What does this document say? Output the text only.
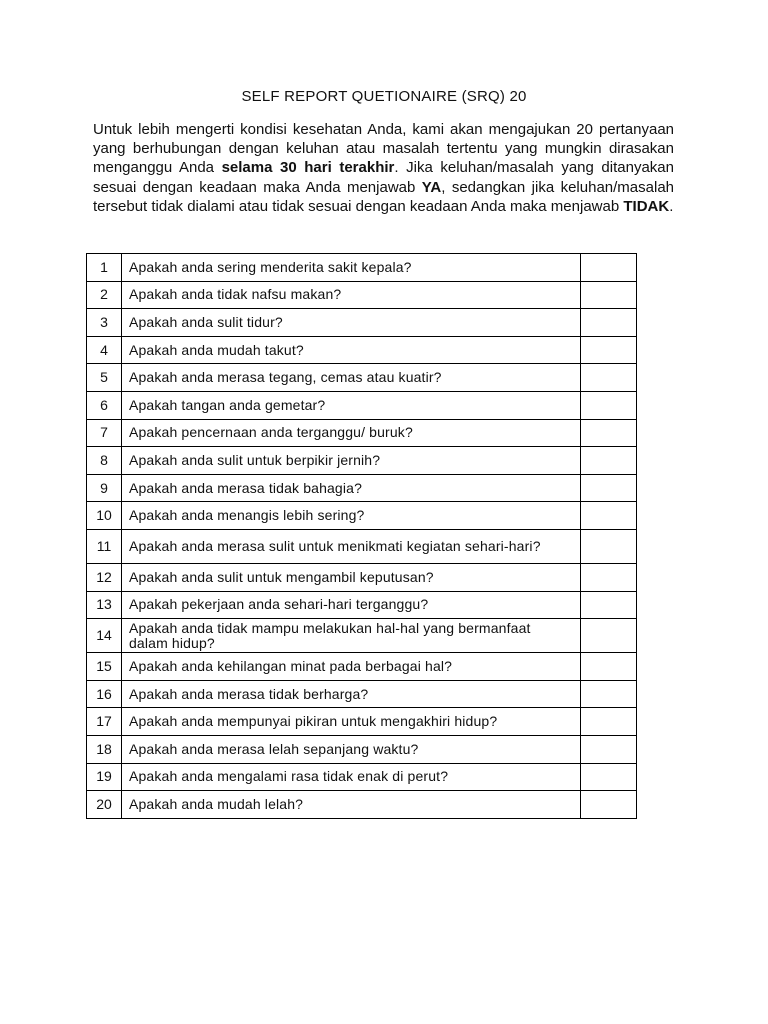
SELF REPORT QUETIONAIRE (SRQ) 20
Untuk lebih mengerti kondisi kesehatan Anda, kami akan mengajukan 20 pertanyaan yang berhubungan dengan keluhan atau masalah tertentu yang mungkin dirasakan menganggu Anda selama 30 hari terakhir. Jika keluhan/masalah yang ditanyakan sesuai dengan keadaan maka Anda menjawab YA, sedangkan jika keluhan/masalah tersebut tidak dialami atau tidak sesuai dengan keadaan Anda maka menjawab TIDAK.
1	Apakah anda sering menderita sakit kepala?	
2	Apakah anda tidak nafsu makan?	
3	Apakah anda sulit tidur?	
4	Apakah anda mudah takut?	
5	Apakah anda merasa tegang, cemas atau kuatir?	
6	Apakah tangan anda gemetar?	
7	Apakah pencernaan anda terganggu/ buruk?	
8	Apakah anda sulit untuk berpikir jernih?	
9	Apakah anda merasa tidak bahagia?	
10	Apakah anda menangis lebih sering?	
11	Apakah anda merasa sulit untuk menikmati kegiatan sehari-hari?	
12	Apakah anda sulit untuk mengambil keputusan?	
13	Apakah pekerjaan anda sehari-hari terganggu?	
14	Apakah anda tidak mampu melakukan hal-hal yang bermanfaat dalam hidup?	
15	Apakah anda kehilangan minat pada berbagai hal?	
16	Apakah anda merasa tidak berharga?	
17	Apakah anda mempunyai pikiran untuk mengakhiri hidup?	
18	Apakah anda merasa lelah sepanjang waktu?	
19	Apakah anda mengalami rasa tidak enak di perut?	
20	Apakah anda mudah lelah?	
